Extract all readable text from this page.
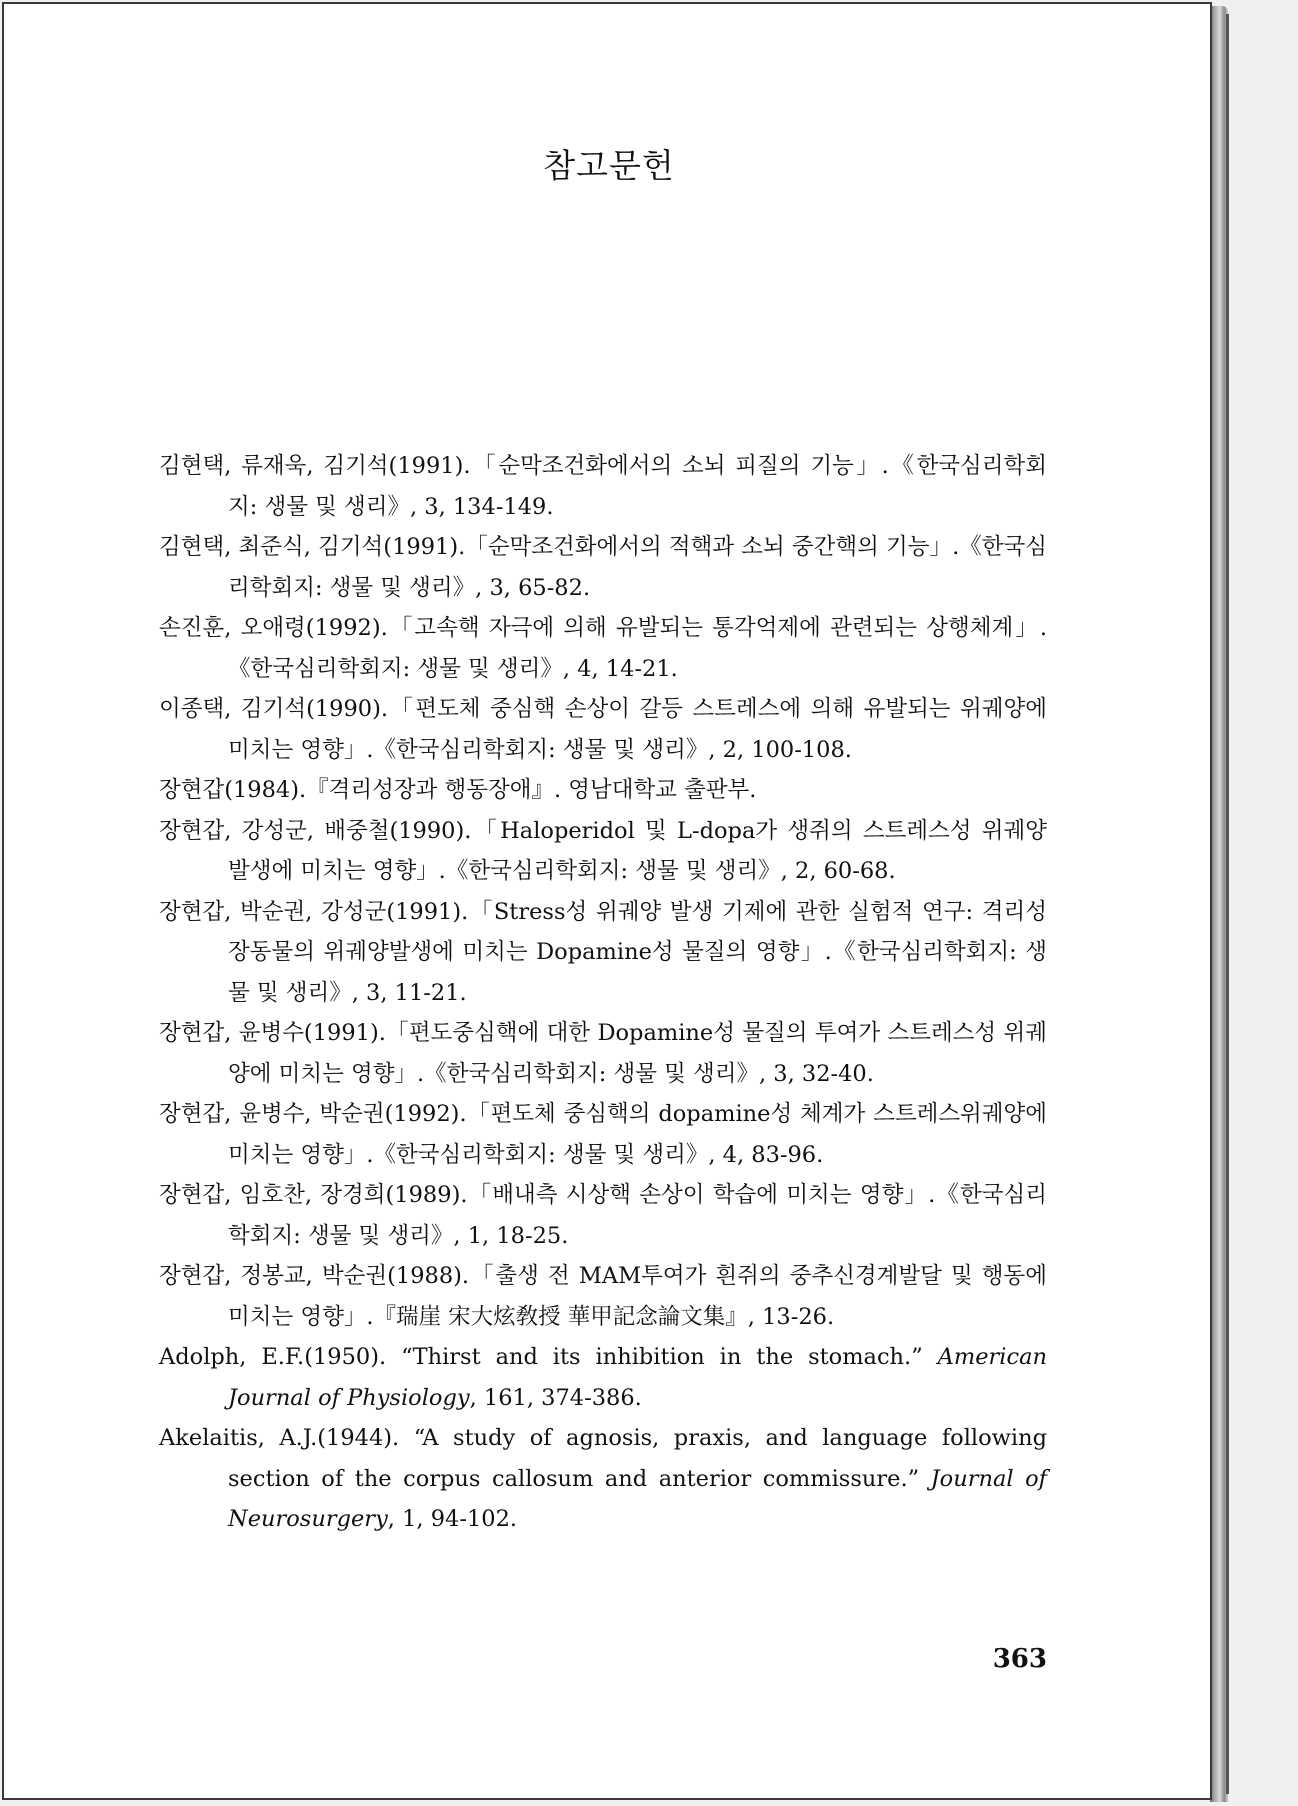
참고문헌

김현택, 류재욱, 김기석(1991).「순막조건화에서의 소뇌 피질의 기능」.《한국심리학회지: 생물 및 생리》, 3, 134-149.

김현택, 최준식, 김기석(1991).「순막조건화에서의 적핵과 소뇌 중간핵의 기능」.《한국심리학회지: 생물 및 생리》, 3, 65-82.

손진훈, 오애령(1992).「고속핵 자극에 의해 유발되는 통각억제에 관련되는 상행체계」.《한국심리학회지: 생물 및 생리》, 4, 14-21.

이종택, 김기석(1990).「편도체 중심핵 손상이 갈등 스트레스에 의해 유발되는 위궤양에 미치는 영향」.《한국심리학회지: 생물 및 생리》, 2, 100-108.

장현갑(1984).『격리성장과 행동장애』. 영남대학교 출판부.

장현갑, 강성군, 배중철(1990).「Haloperidol 및 L-dopa가 생쥐의 스트레스성 위궤양 발생에 미치는 영향」.《한국심리학회지: 생물 및 생리》, 2, 60-68.

장현갑, 박순권, 강성군(1991).「Stress성 위궤양 발생 기제에 관한 실험적 연구: 격리성장동물의 위궤양발생에 미치는 Dopamine성 물질의 영향」.《한국심리학회지: 생물 및 생리》, 3, 11-21.

장현갑, 윤병수(1991).「편도중심핵에 대한 Dopamine성 물질의 투여가 스트레스성 위궤양에 미치는 영향」.《한국심리학회지: 생물 및 생리》, 3, 32-40.

장현갑, 윤병수, 박순권(1992).「편도체 중심핵의 dopamine성 체계가 스트레스위궤양에 미치는 영향」.《한국심리학회지: 생물 및 생리》, 4, 83-96.

장현갑, 임호찬, 장경희(1989).「배내측 시상핵 손상이 학습에 미치는 영향」.《한국심리학회지: 생물 및 생리》, 1, 18-25.

장현갑, 정봉교, 박순권(1988).「출생 전 MAM투여가 흰쥐의 중추신경계발달 및 행동에 미치는 영향」.『瑞崖 宋大炫敎授 華甲記念論文集』, 13-26.

Adolph, E.F.(1950). “Thirst and its inhibition in the stomach.” American Journal of Physiology, 161, 374-386.

Akelaitis, A.J.(1944). “A study of agnosis, praxis, and language following section of the corpus callosum and anterior commissure.” Journal of Neurosurgery, 1, 94-102.

363
